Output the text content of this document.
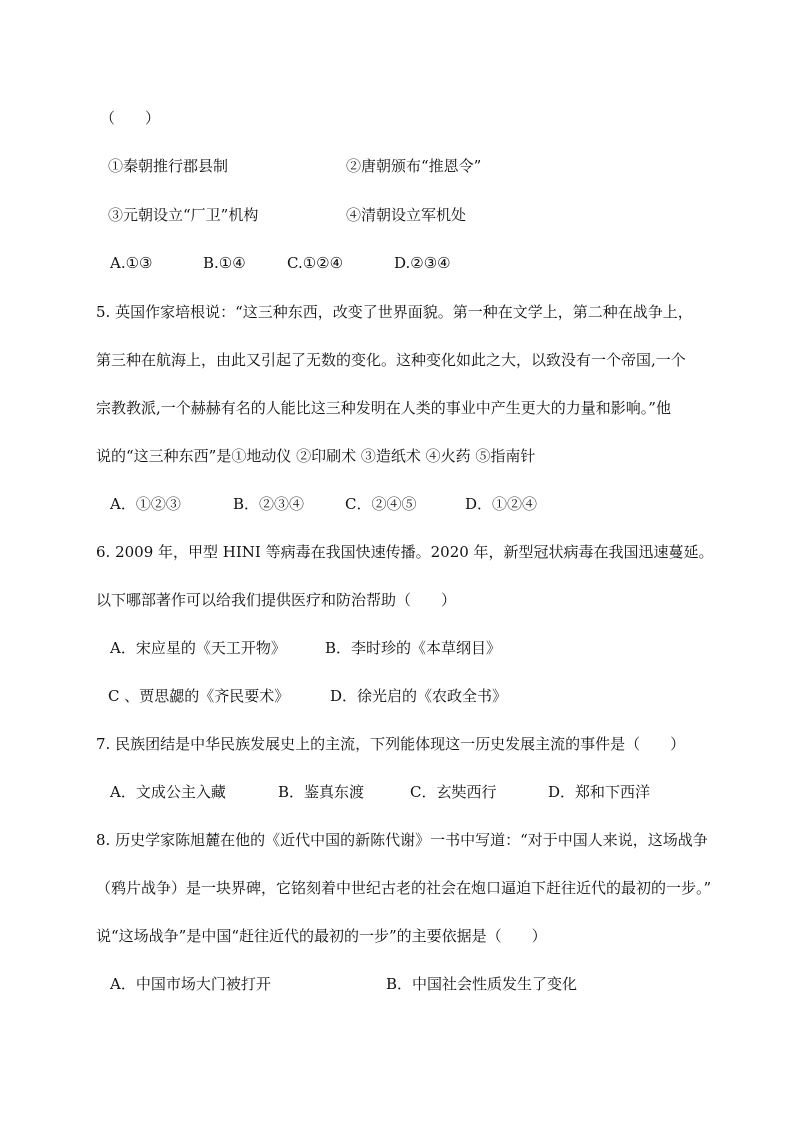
（　　）
①秦朝推行郡县制	②唐朝颁布“推恩令”
③元朝设立“厂卫”机构	④清朝设立军机处
A.①③	B.①④	C.①②④	D.②③④
5. 英国作家培根说：“这三种东西，改变了世界面貌。第一种在文学上，第二种在战争上，
第三种在航海上，由此又引起了无数的变化。这种变化如此之大，以致没有一个帝国,一个
宗教教派,一个赫赫有名的人能比这三种发明在人类的事业中产生更大的力量和影响。”他
说的“这三种东西”是①地动仪 ②印刷术 ③造纸术 ④火药 ⑤指南针
A．①②③	B．②③④	C．②④⑤	D．①②④
6. 2009 年，甲型 HINI 等病毒在我国快速传播。2020 年，新型冠状病毒在我国迅速蔓延。
以下哪部著作可以给我们提供医疗和防治帮助（　　）
A．宋应星的《天工开物》	B．李时珍的《本草纲目》
C 、贾思勰的《齐民要术》	D．徐光启的《农政全书》
7. 民族团结是中华民族发展史上的主流，下列能体现这一历史发展主流的事件是（　　）
A．文成公主入藏	B．鉴真东渡	C．玄奘西行	D．郑和下西洋
8. 历史学家陈旭麓在他的《近代中国的新陈代谢》一书中写道：“对于中国人来说，这场战争
（鸦片战争）是一块界碑，它铭刻着中世纪古老的社会在炮口逼迫下赶往近代的最初的一步。”
说“这场战争”是中国“赶往近代的最初的一步”的主要依据是（　　）
A．中国市场大门被打开	B．中国社会性质发生了变化
